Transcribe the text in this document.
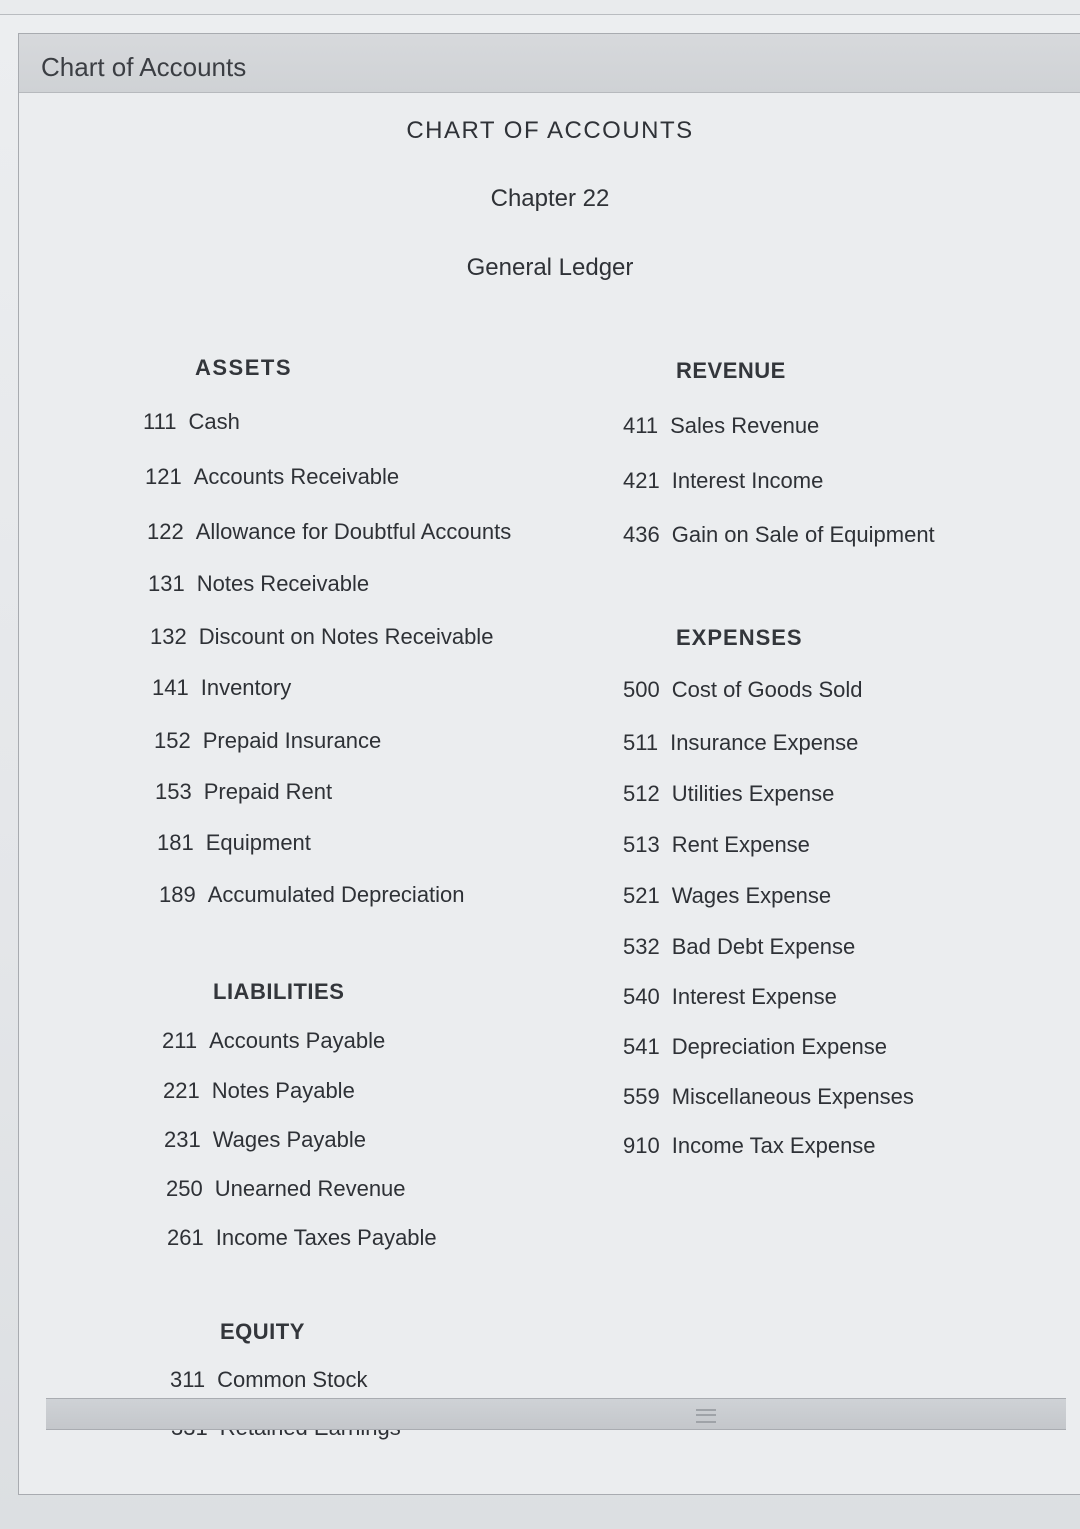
Chart of Accounts
CHART OF ACCOUNTS
Chapter 22
General Ledger
ASSETS
111 Cash
121 Accounts Receivable
122 Allowance for Doubtful Accounts
131 Notes Receivable
132 Discount on Notes Receivable
141 Inventory
152 Prepaid Insurance
153 Prepaid Rent
181 Equipment
189 Accumulated Depreciation
LIABILITIES
211 Accounts Payable
221 Notes Payable
231 Wages Payable
250 Unearned Revenue
261 Income Taxes Payable
EQUITY
311 Common Stock
REVENUE
411 Sales Revenue
421 Interest Income
436 Gain on Sale of Equipment
EXPENSES
500 Cost of Goods Sold
511 Insurance Expense
512 Utilities Expense
513 Rent Expense
521 Wages Expense
532 Bad Debt Expense
540 Interest Expense
541 Depreciation Expense
559 Miscellaneous Expenses
910 Income Tax Expense
